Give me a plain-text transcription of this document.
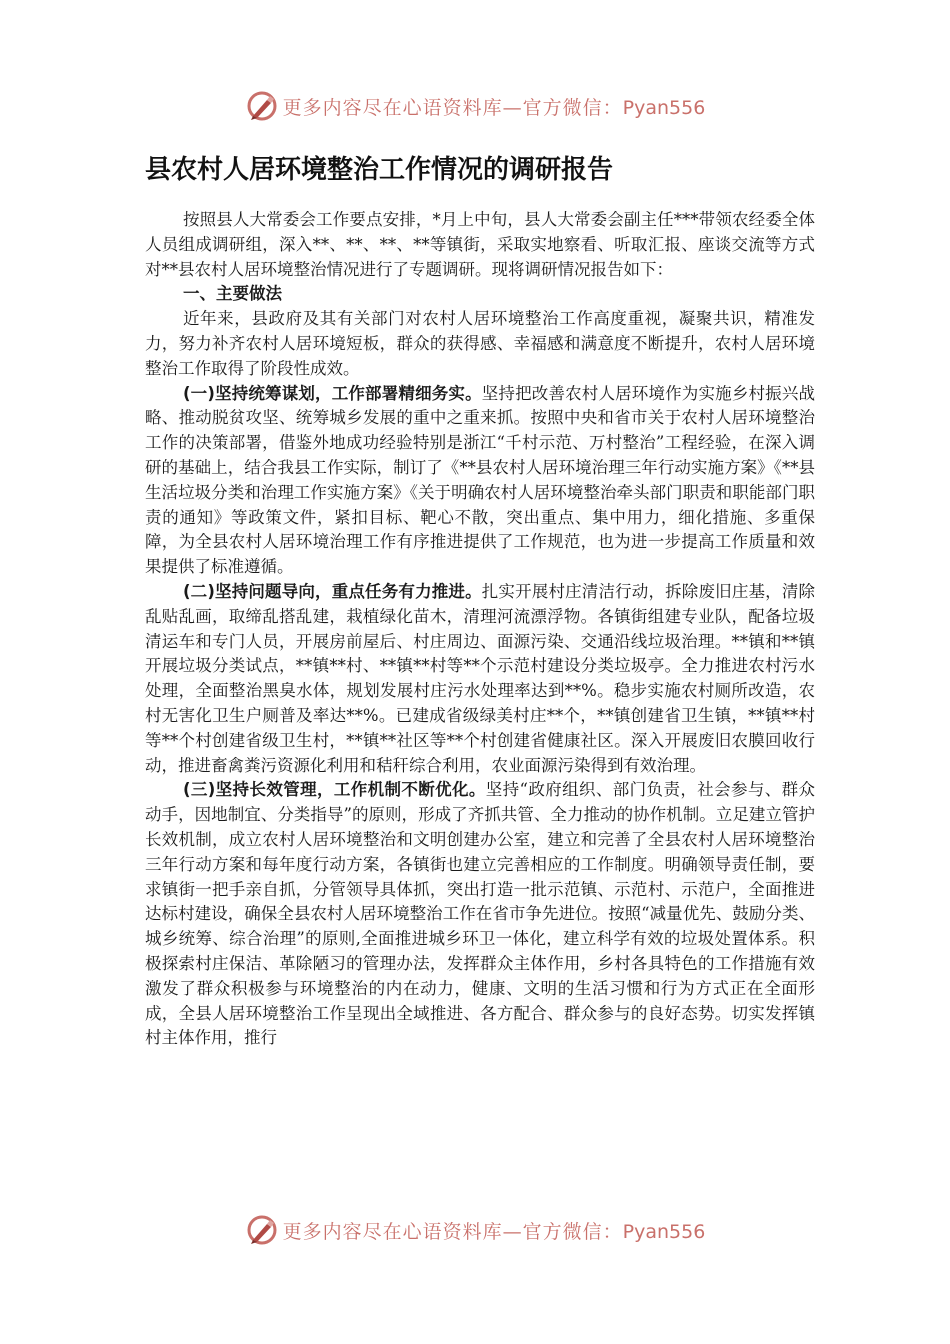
更多内容尽在心语资料库—官方微信：Pyan556
县农村人居环境整治工作情况的调研报告

按照县人大常委会工作要点安排，*月上中旬，县人大常委会副主任***带领农经委全体人员组成调研组，深入**、**、**、**等镇街，采取实地察看、听取汇报、座谈交流等方式对**县农村人居环境整治情况进行了专题调研。现将调研情况报告如下：

一、主要做法

近年来，县政府及其有关部门对农村人居环境整治工作高度重视，凝聚共识，精准发力，努力补齐农村人居环境短板，群众的获得感、幸福感和满意度不断提升，农村人居环境整治工作取得了阶段性成效。

(一)坚持统筹谋划，工作部署精细务实。坚持把改善农村人居环境作为实施乡村振兴战略、推动脱贫攻坚、统筹城乡发展的重中之重来抓。按照中央和省市关于农村人居环境整治工作的决策部署，借鉴外地成功经验特别是浙江“千村示范、万村整治”工程经验，在深入调研的基础上，结合我县工作实际，制订了《**县农村人居环境治理三年行动实施方案》《**县生活垃圾分类和治理工作实施方案》《关于明确农村人居环境整治牵头部门职责和职能部门职责的通知》等政策文件，紧扣目标、靶心不散，突出重点、集中用力，细化措施、多重保障，为全县农村人居环境治理工作有序推进提供了工作规范，也为进一步提高工作质量和效果提供了标准遵循。

(二)坚持问题导向，重点任务有力推进。扎实开展村庄清洁行动，拆除废旧庄基，清除乱贴乱画，取缔乱搭乱建，栽植绿化苗木，清理河流漂浮物。各镇街组建专业队，配备垃圾清运车和专门人员，开展房前屋后、村庄周边、面源污染、交通沿线垃圾治理。**镇和**镇开展垃圾分类试点，**镇**村、**镇**村等**个示范村建设分类垃圾亭。全力推进农村污水处理，全面整治黑臭水体，规划发展村庄污水处理率达到**%。稳步实施农村厕所改造，农村无害化卫生户厕普及率达**%。已建成省级绿美村庄**个，**镇创建省卫生镇，**镇**村等**个村创建省级卫生村，**镇**社区等**个村创建省健康社区。深入开展废旧农膜回收行动，推进畜禽粪污资源化利用和秸秆综合利用，农业面源污染得到有效治理。

(三)坚持长效管理，工作机制不断优化。坚持“政府组织、部门负责，社会参与、群众动手，因地制宜、分类指导”的原则，形成了齐抓共管、全力推动的协作机制。立足建立管护长效机制，成立农村人居环境整治和文明创建办公室，建立和完善了全县农村人居环境整治三年行动方案和每年度行动方案，各镇街也建立完善相应的工作制度。明确领导责任制，要求镇街一把手亲自抓，分管领导具体抓，突出打造一批示范镇、示范村、示范户，全面推进达标村建设，确保全县农村人居环境整治工作在省市争先进位。按照“减量优先、鼓励分类、城乡统筹、综合治理”的原则,全面推进城乡环卫一体化，建立科学有效的垃圾处置体系。积极探索村庄保洁、革除陋习的管理办法，发挥群众主体作用，乡村各具特色的工作措施有效激发了群众积极参与环境整治的内在动力，健康、文明的生活习惯和行为方式正在全面形成，全县人居环境整治工作呈现出全域推进、各方配合、群众参与的良好态势。切实发挥镇村主体作用，推行

更多内容尽在心语资料库—官方微信：Pyan556
